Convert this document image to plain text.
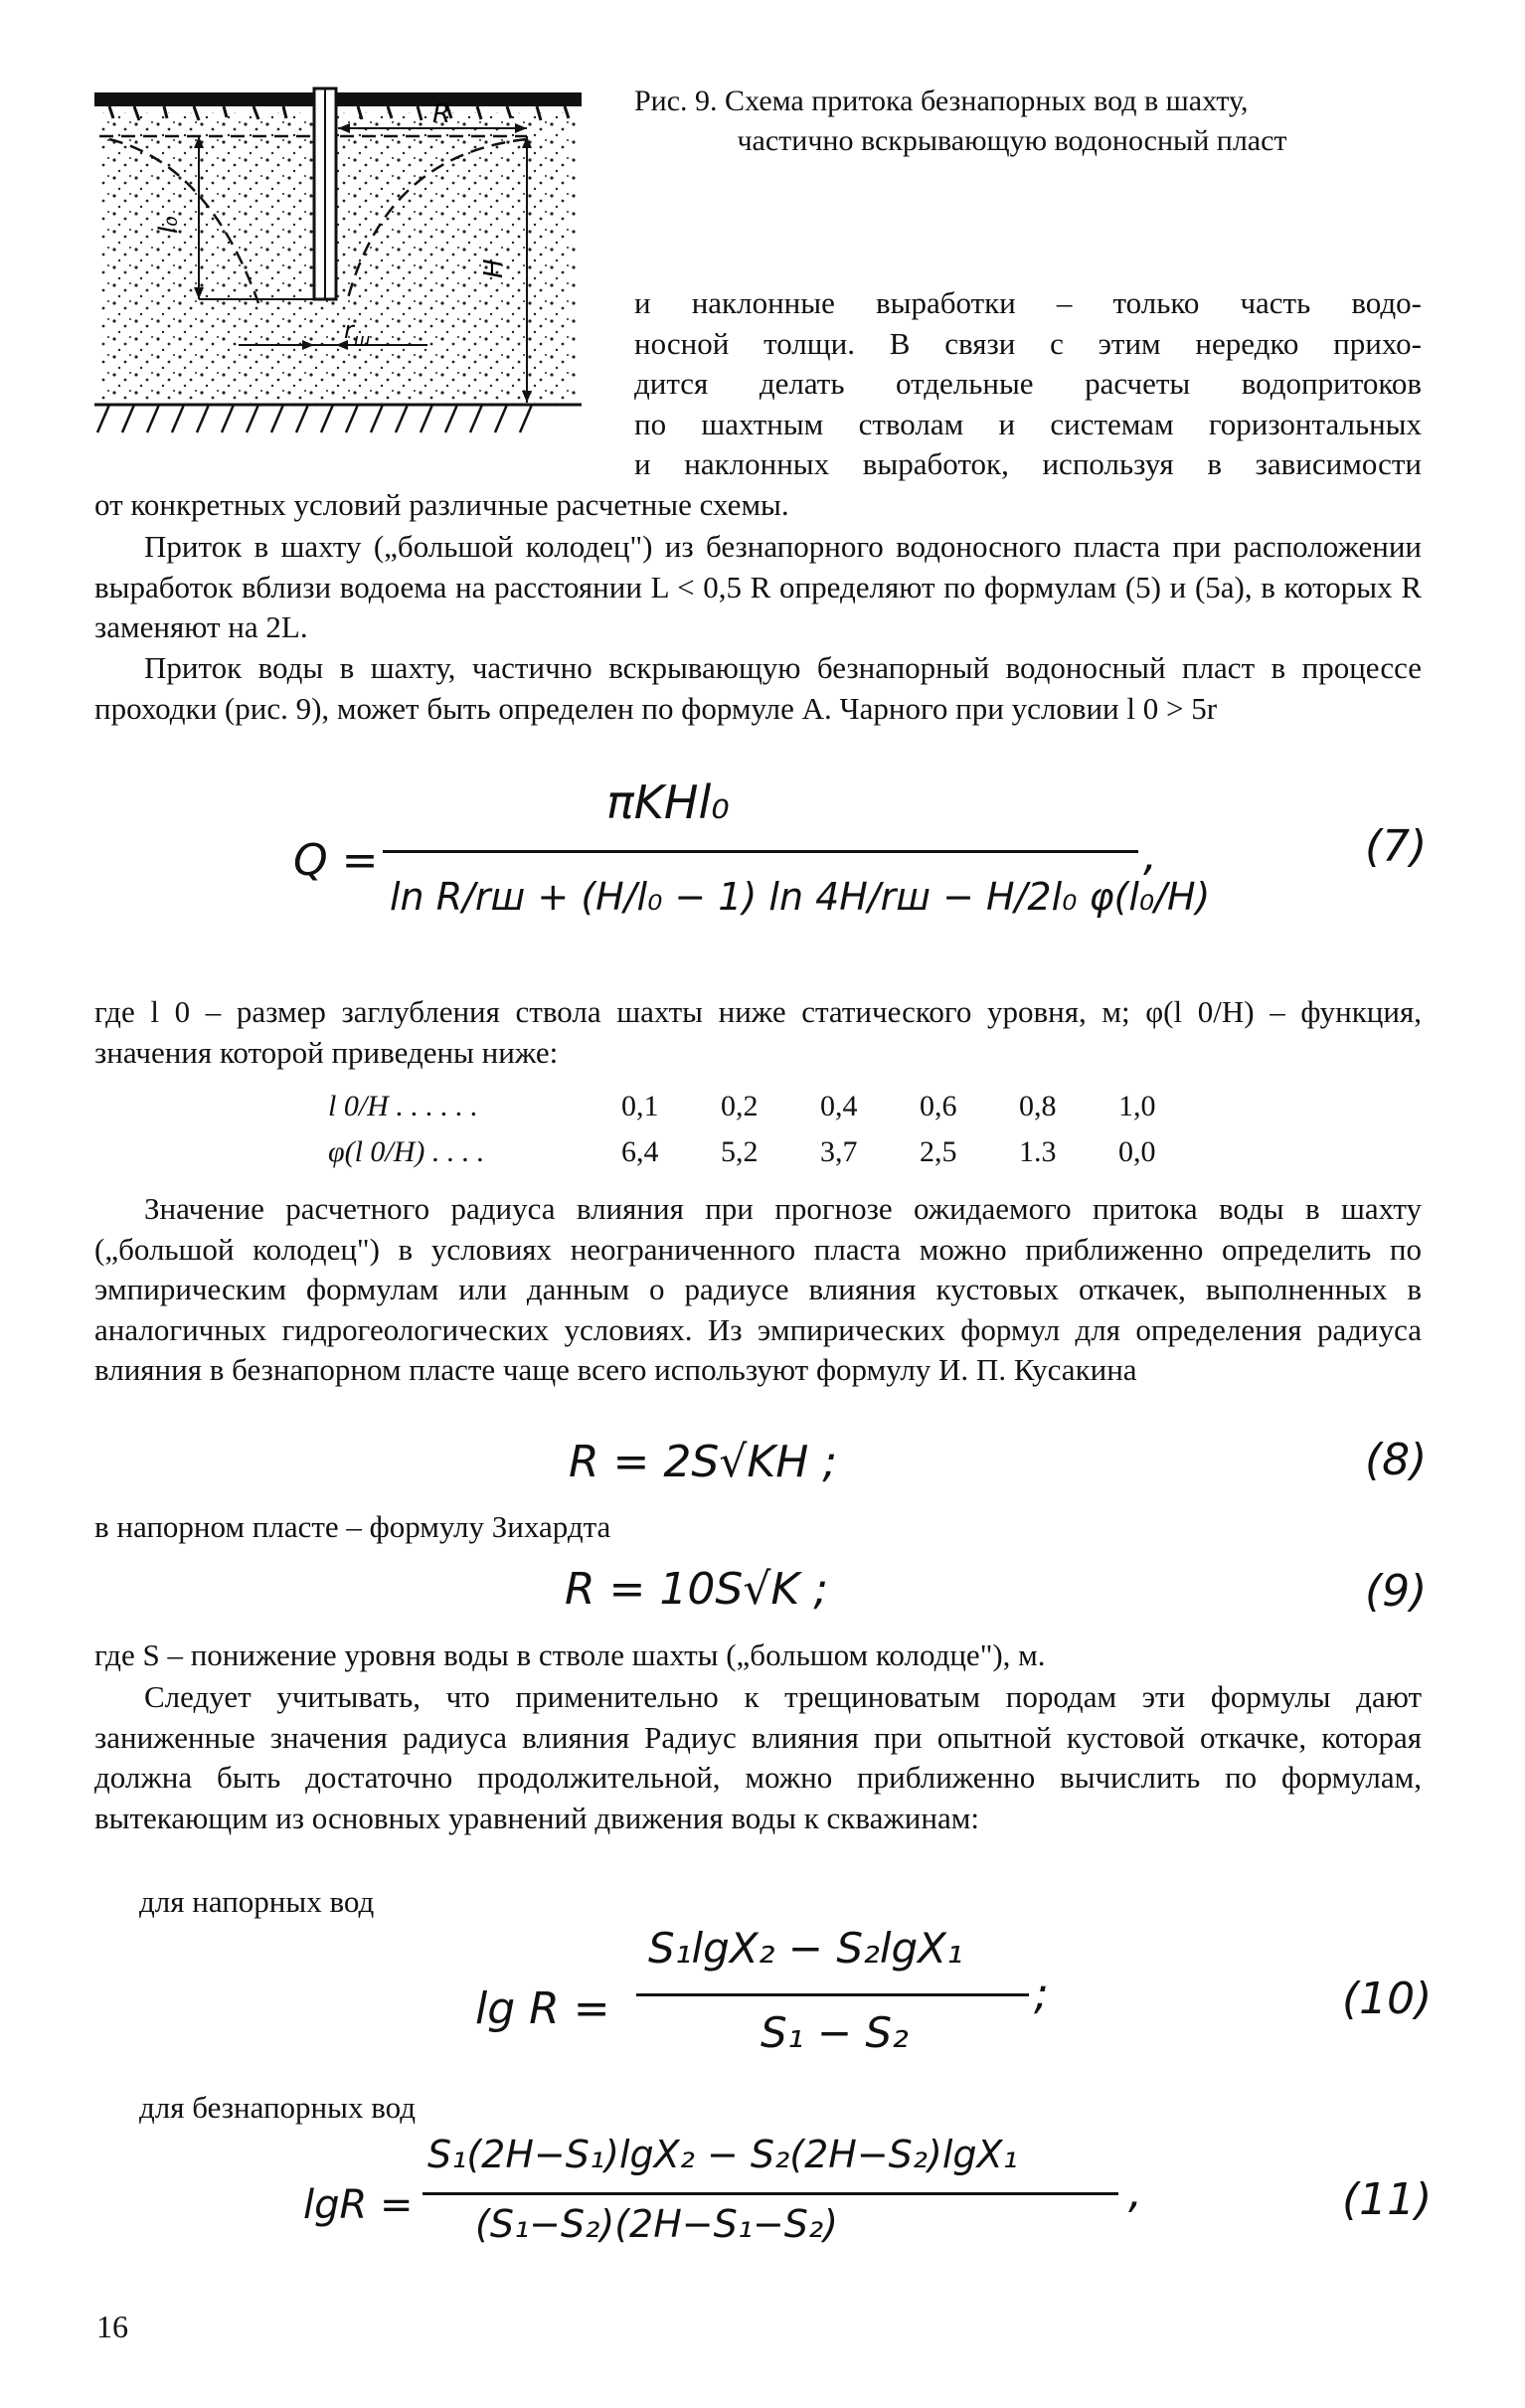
R
H
l₀
$r_ш$
Рис. 9. Схема притока безнапорных вод в шахту,
частично вскрывающую водоносный пласт
и наклонные выработки – только часть водо-
носной толщи. В связи с этим нередко прихо-
дится делать отдельные расчеты водопритоков
по шахтным стволам и системам горизонтальных
и наклонных выработок, используя в зависимости
от конкретных условий различные расчетные схемы.
Приток в шахту („большой колодец") из безнапорного водоносного пласта при расположении выработок вблизи водоема на расстоянии L < 0,5 R определяют по формулам (5) и (5а), в которых R заменяют на 2L.
Приток воды в шахту, частично вскрывающую безнапорный водоносный пласт в процессе проходки (рис. 9), может быть определен по формуле А. Чарного при условии l 0 > 5r
Q =
πKHl₀
ln R/rш + (H/l₀ − 1) ln 4H/rш − H/2l₀ φ(l₀/H)
,	(7)
где l 0 – размер заглубления ствола шахты ниже статического уровня, м; φ(l 0/H) – функция, значения которой приведены ниже:
l 0/H . . . . . .	0,1	0,2	0,4	0,6	0,8	1,0
φ(l 0/H) . . . .	6,4	5,2	3,7	2,5	1.3	0,0
Значение расчетного радиуса влияния при прогнозе ожидаемого притока воды в шахту („большой колодец") в условиях неограниченного пласта можно приближенно определить по эмпирическим формулам или данным о радиусе влияния кустовых откачек, выполненных в аналогичных гидрогеологических условиях. Из эмпирических формул для определения радиуса влияния в безнапорном пласте чаще всего используют формулу И. П. Кусакина
R = 2S√KH ;	(8)
в напорном пласте – формулу Зихардта
R = 10S√K ;	(9)
где S – понижение уровня воды в стволе шахты („большом колодце"), м.
Следует учитывать, что применительно к трещиноватым породам эти формулы дают заниженные значения радиуса влияния Радиус влияния при опытной кустовой откачке, которая должна быть достаточно продолжительной, можно приближенно вычислить по формулам, вытекающим из основных уравнений движения воды к скважинам:
для напорных вод
lg R =
S₁lgX₂ − S₂lgX₁
S₁ − S₂
;	(10)
для безнапорных вод
lgR =
S₁(2H−S₁)lgX₂ − S₂(2H−S₂)lgX₁
(S₁−S₂)(2H−S₁−S₂)
,	(11)
16
